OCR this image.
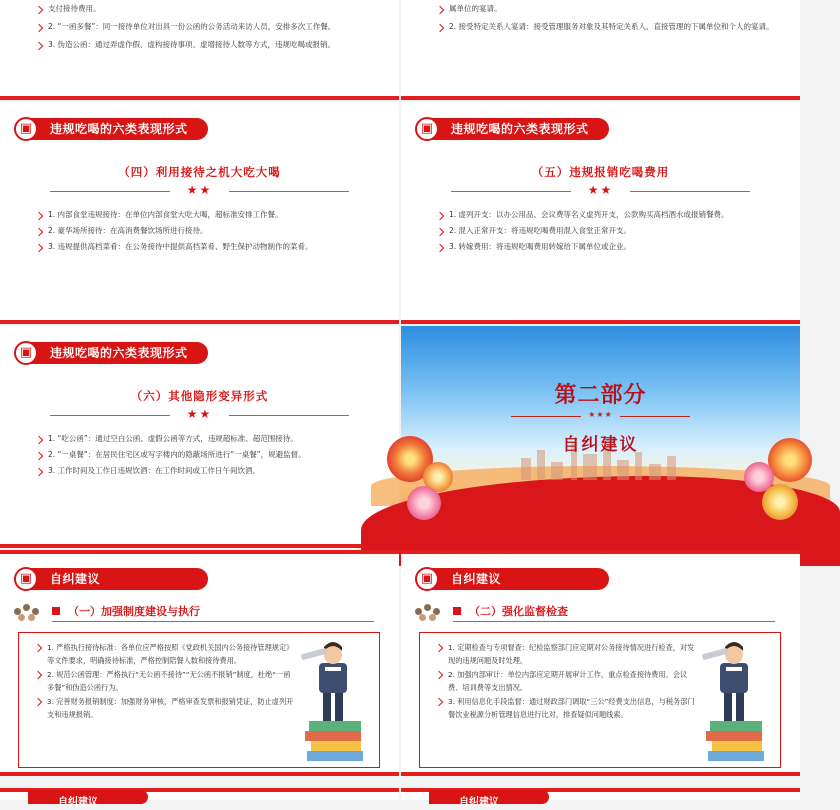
支付接待费用。
2. “一函多餐”：同一接待单位对出具一份公函的公务活动来访人员，安排多次工作餐。
3. 伪造公函：通过弄虚作假、虚构接待事项、虚增接待人数等方式，违规吃喝或报销。
属单位的宴请。
2. 接受特定关系人宴请：接受管理服务对象及其特定关系人、直接管理的下属单位和个人的宴请。
▣	违规吃喝的六类表现形式
（四）利用接待之机大吃大喝
★★
1. 内部食堂违规接待：在单位内部食堂大吃大喝，超标准安排工作餐。
2. 豪华场所接待：在高消费餐饮场所进行接待。
3. 违规提供高档菜肴：在公务接待中提供高档菜肴、野生保护动物制作的菜肴。
▣	违规吃喝的六类表现形式
（五）违规报销吃喝费用
★★
1. 虚列开支：以办公用品、会议费等名义虚列开支，公款购买高档酒水或报销餐费。
2. 混入正常开支：将违规吃喝费用混入食堂正常开支。
3. 转嫁费用：将违规吃喝费用转嫁给下属单位或企业。
▣	违规吃喝的六类表现形式
（六）其他隐形变异形式
★★
1. “吃公函”：通过空白公函、虚假公函等方式，违规超标准、超范围接待。
2. “一桌餐”：在居民住宅区或写字楼内的隐蔽场所进行“一桌餐”，规避监督。
3. 工作时间及工作日违规饮酒：在工作时间或工作日午间饮酒。
第二部分
★★★
自纠建议
▣	自纠建议
（一）加强制度建设与执行
1. 严格执行接待标准：各单位应严格按照《党政机关国内公务接待管理规定》等文件要求，明确接待标准，严格控制陪餐人数和接待费用。
2. 规范公函管理：严格执行“无公函不接待”“无公函不报销”制度，杜绝“一函多餐”和伪造公函行为。
3. 完善财务报销制度：加强财务审核，严格审查发票和报销凭证，防止虚列开支和违规报销。
▣	自纠建议
（二）强化监督检查
1. 定期检查与专项督查：纪检监察部门应定期对公务接待情况进行检查，对发现的违规问题及时处理。
2. 加强内部审计：单位内部应定期开展审计工作，重点检查接待费用、会议费、培训费等支出情况。
3. 利用信息化手段监督：通过财政部门调取“三公”经费支出信息，与税务部门餐饮业税源分析管理信息进行比对，排查疑似问题线索。
自纠建议	自纠建议
